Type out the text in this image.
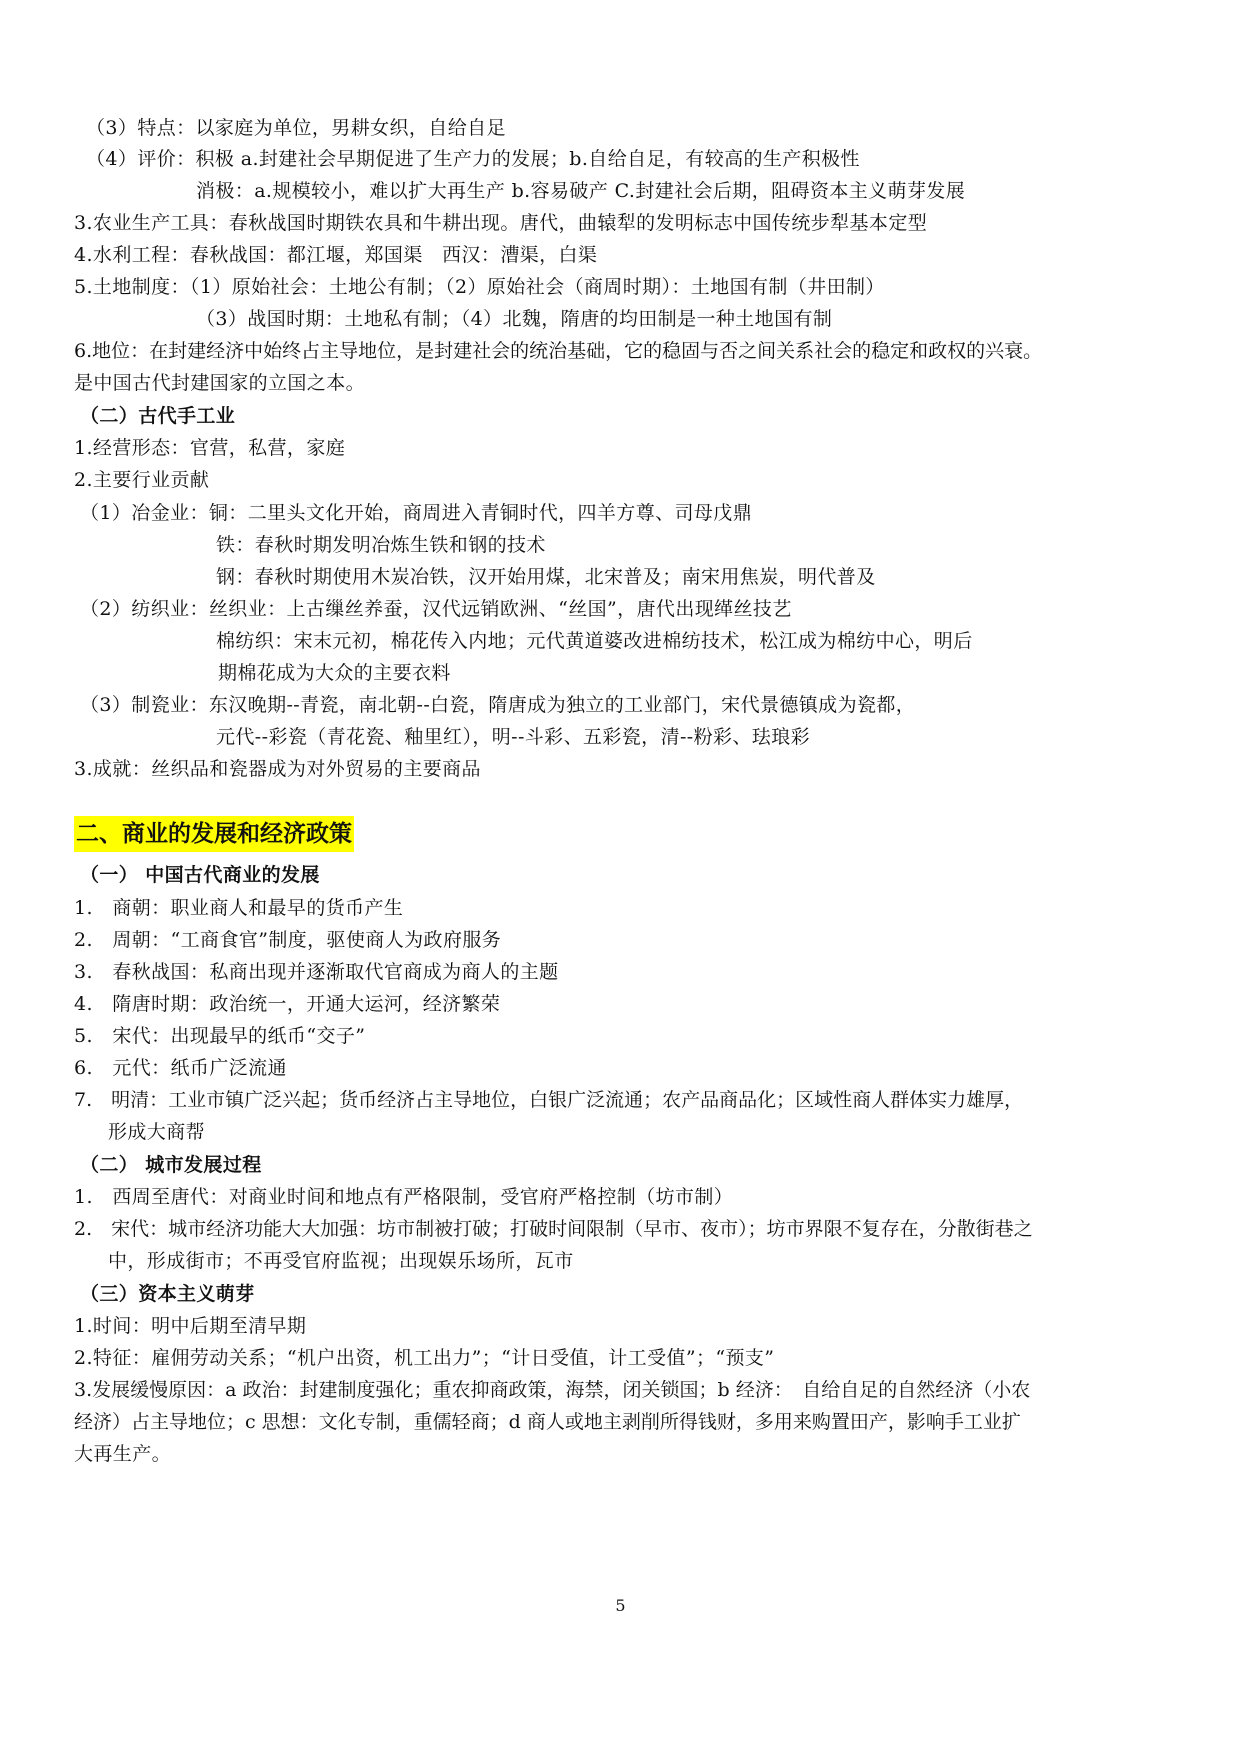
（3）特点：以家庭为单位，男耕女织，自给自足
（4）评价：积极 a.封建社会早期促进了生产力的发展；b.自给自足，有较高的生产积极性
消极：a.规模较小，难以扩大再生产 b.容易破产 C.封建社会后期，阻碍资本主义萌芽发展
3.农业生产工具：春秋战国时期铁农具和牛耕出现。唐代，曲辕犁的发明标志中国传统步犁基本定型
4.水利工程：春秋战国：都江堰，郑国渠　西汉：漕渠，白渠
5.土地制度：（1）原始社会：土地公有制；（2）原始社会（商周时期）：土地国有制（井田制）
（3）战国时期：土地私有制；（4）北魏，隋唐的均田制是一种土地国有制
6.地位：在封建经济中始终占主导地位，是封建社会的统治基础，它的稳固与否之间关系社会的稳定和政权的兴衰。
是中国古代封建国家的立国之本。
（二）古代手工业
1.经营形态：官营，私营，家庭
2.主要行业贡献
（1）冶金业：铜：二里头文化开始，商周进入青铜时代，四羊方尊、司母戊鼎
铁：春秋时期发明冶炼生铁和钢的技术
钢：春秋时期使用木炭冶铁，汉开始用煤，北宋普及；南宋用焦炭，明代普及
（2）纺织业：丝织业：上古缫丝养蚕，汉代远销欧洲、“丝国”，唐代出现缂丝技艺
棉纺织：宋末元初，棉花传入内地；元代黄道婆改进棉纺技术，松江成为棉纺中心，明后
期棉花成为大众的主要衣料
（3）制瓷业：东汉晚期--青瓷，南北朝--白瓷，隋唐成为独立的工业部门，宋代景德镇成为瓷都，
元代--彩瓷（青花瓷、釉里红），明--斗彩、五彩瓷，清--粉彩、珐琅彩
3.成就：丝织品和瓷器成为对外贸易的主要商品
二、商业的发展和经济政策
（一） 中国古代商业的发展
1.　商朝：职业商人和最早的货币产生
2.　周朝：“工商食官”制度，驱使商人为政府服务
3.　春秋战国：私商出现并逐渐取代官商成为商人的主题
4.　隋唐时期：政治统一，开通大运河，经济繁荣
5.　宋代：出现最早的纸币“交子”
6.　元代：纸币广泛流通
7.　明清：工业市镇广泛兴起；货币经济占主导地位，白银广泛流通；农产品商品化；区域性商人群体实力雄厚，
形成大商帮
（二） 城市发展过程
1.　西周至唐代：对商业时间和地点有严格限制，受官府严格控制（坊市制）
2.　宋代：城市经济功能大大加强：坊市制被打破；打破时间限制（早市、夜市）；坊市界限不复存在，分散街巷之
中，形成街市；不再受官府监视；出现娱乐场所，瓦市
（三）资本主义萌芽
1.时间：明中后期至清早期
2.特征：雇佣劳动关系；“机户出资，机工出力”；“计日受值，计工受值”；“预支”
3.发展缓慢原因：a 政治：封建制度强化；重农抑商政策，海禁，闭关锁国；b 经济：　自给自足的自然经济（小农
经济）占主导地位；c 思想：文化专制，重儒轻商；d 商人或地主剥削所得钱财，多用来购置田产，影响手工业扩
大再生产。
5
